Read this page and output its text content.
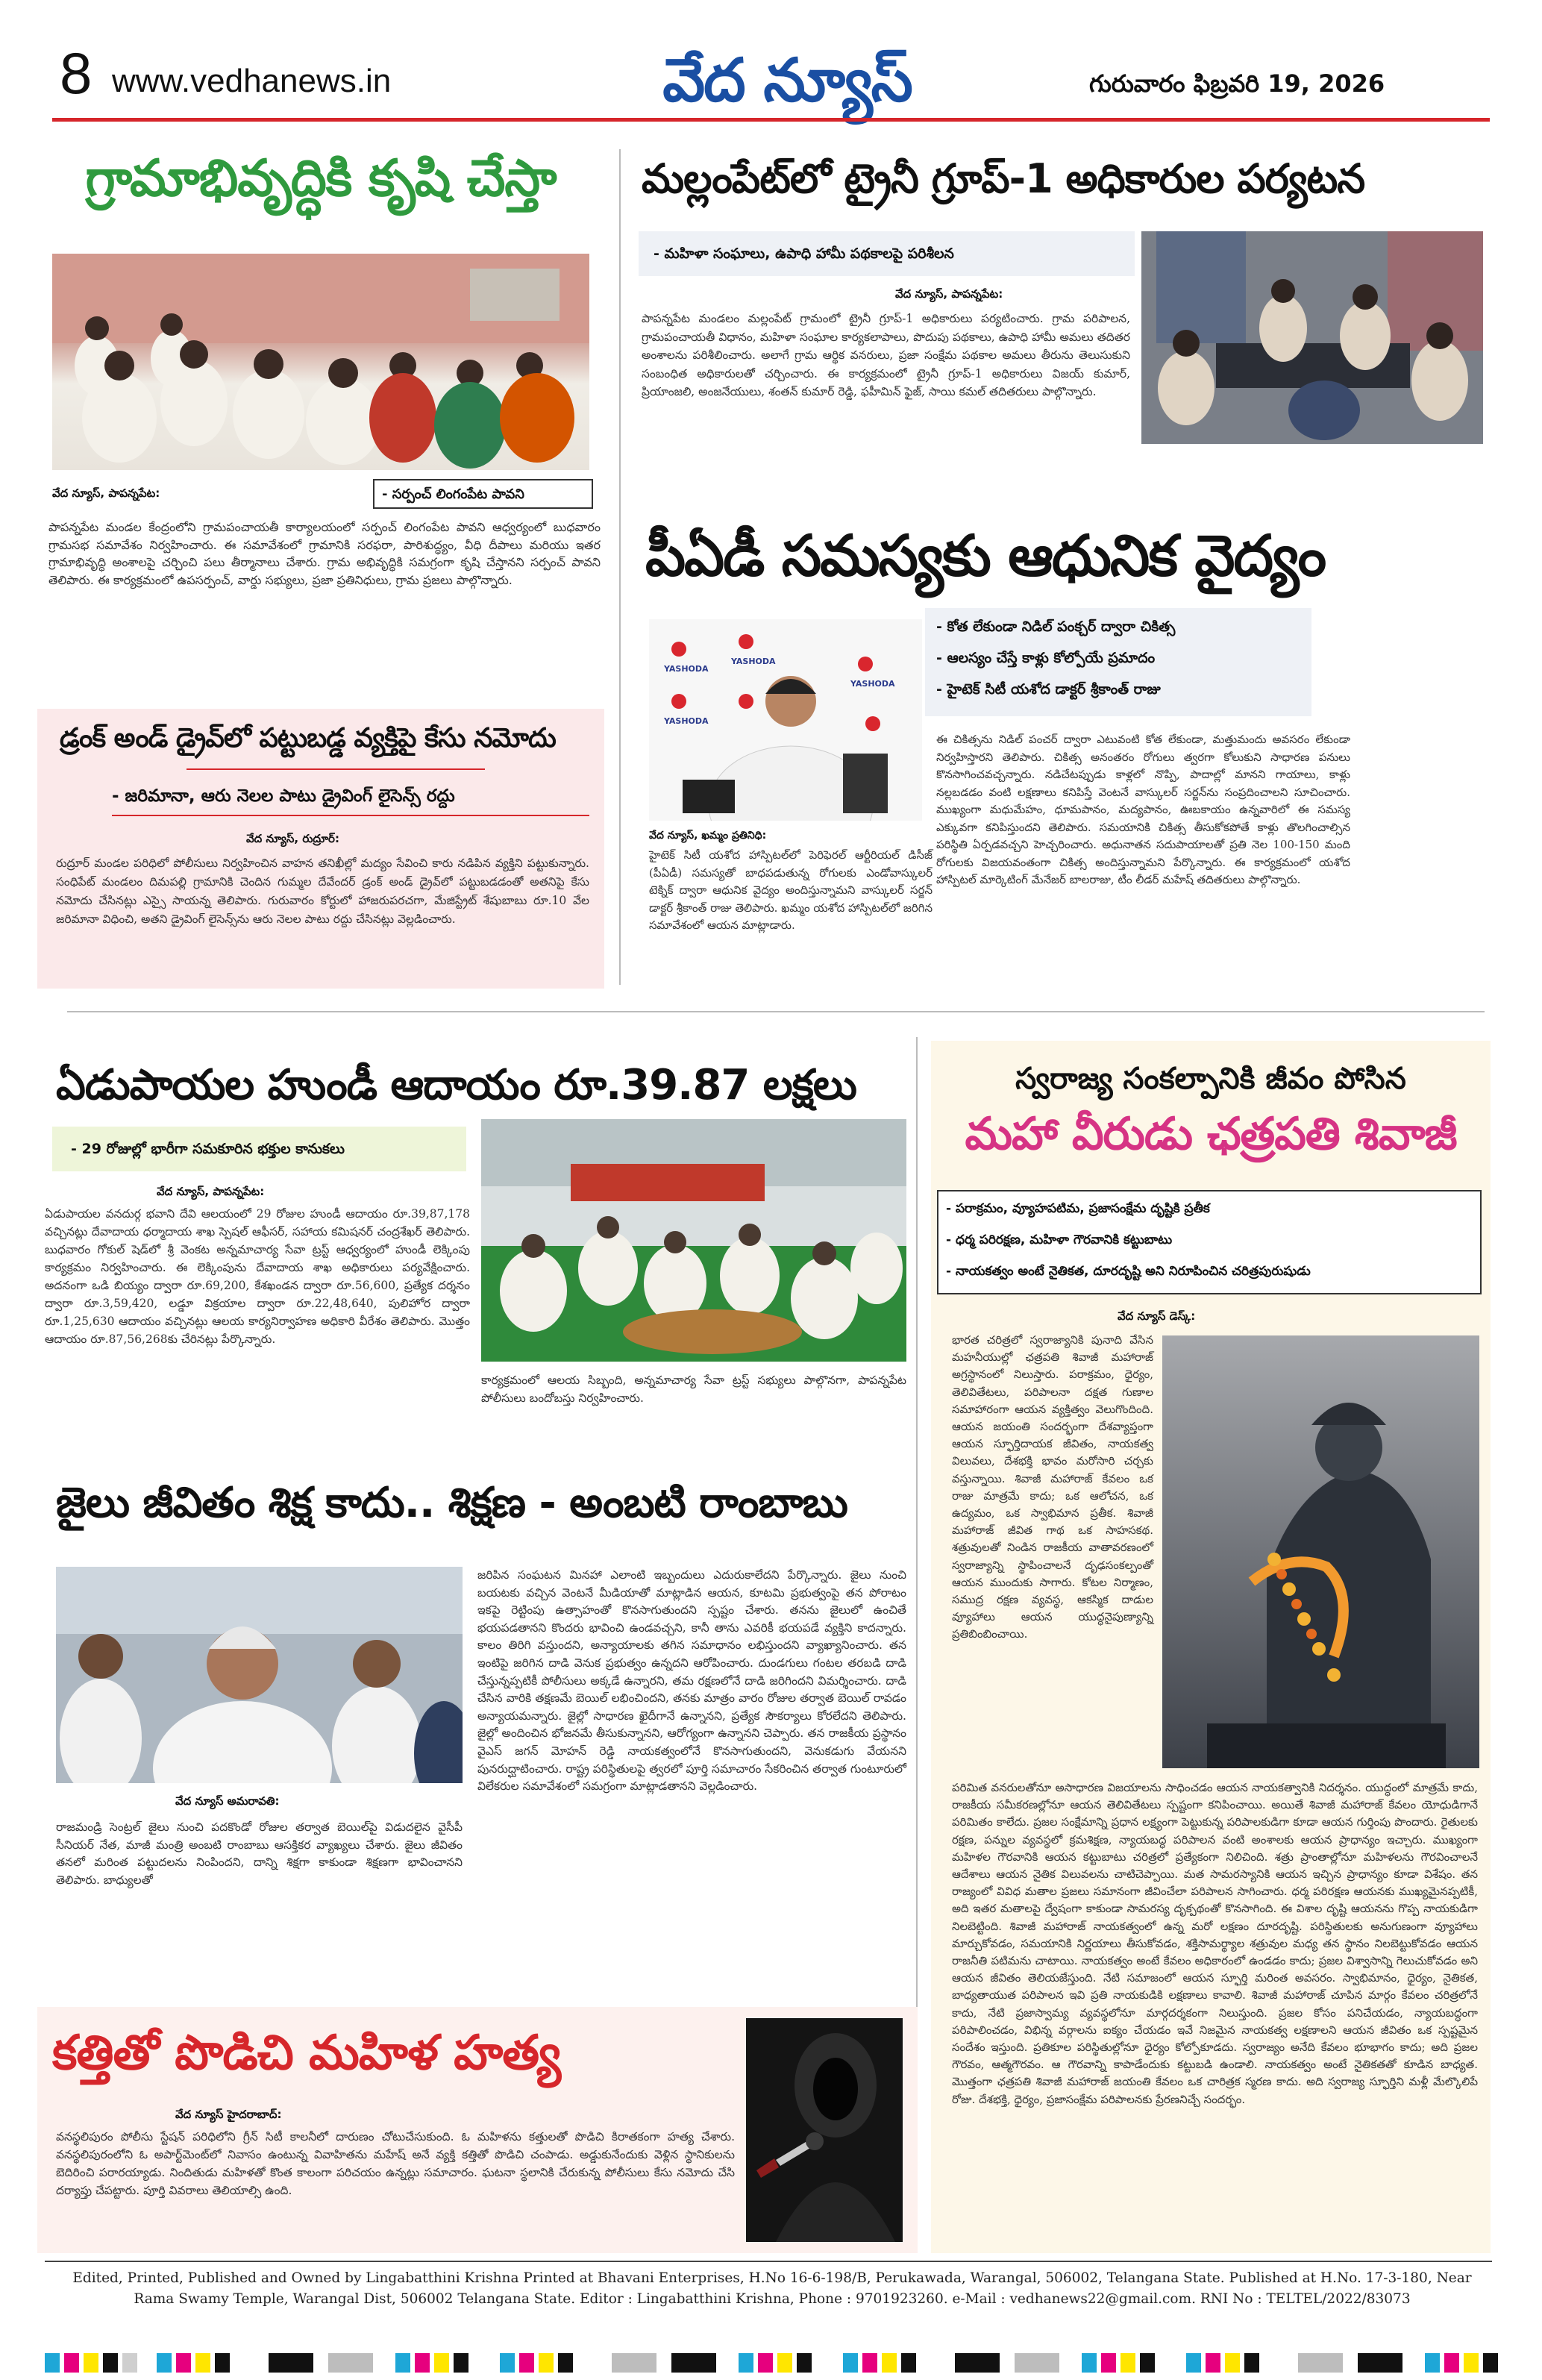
8 www.vedhanews.in	వేద న్యూస్	గురువారం ఫిబ్రవరి 19, 2026
గ్రామాభివృద్ధికి కృషి చేస్తా
వేద న్యూస్, పాపన్నపేట:	- సర్పంచ్ లింగంపేట పావని
పాపన్నపేట మండల కేంద్రంలోని గ్రామపంచాయతీ కార్యాలయంలో సర్పంచ్ లింగంపేట పావని ఆధ్వర్యంలో బుధవారం గ్రామసభ సమావేశం నిర్వహించారు. ఈ సమావేశంలో గ్రామానికి సరఫరా, పారిశుద్ధ్యం, వీధి దీపాలు మరియు ఇతర గ్రామాభివృద్ధి అంశాలపై చర్చించి పలు తీర్మానాలు చేశారు. గ్రామ అభివృద్ధికి సమగ్రంగా కృషి చేస్తానని సర్పంచ్ పావని తెలిపారు. ఈ కార్యక్రమంలో ఉపసర్పంచ్, వార్డు సభ్యులు, ప్రజా ప్రతినిధులు, గ్రామ ప్రజలు పాల్గొన్నారు.
మల్లంపేట్‌లో ట్రైనీ గ్రూప్-1 అధికారుల పర్యటన
- మహిళా సంఘాలు, ఉపాధి హామీ పథకాలపై పరిశీలన
వేద న్యూస్, పాపన్నపేట:
పాపన్నపేట మండలం మల్లంపేట్ గ్రామంలో ట్రైనీ గ్రూప్-1 అధికారులు పర్యటించారు. గ్రామ పరిపాలన, గ్రామపంచాయతీ విధానం, మహిళా సంఘాల కార్యకలాపాలు, పొదుపు పథకాలు, ఉపాధి హామీ అమలు తదితర అంశాలను పరిశీలించారు. అలాగే గ్రామ ఆర్థిక వనరులు, ప్రజా సంక్షేమ పథకాల అమలు తీరును తెలుసుకుని సంబంధిత అధికారులతో చర్చించారు. ఈ కార్యక్రమంలో ట్రైనీ గ్రూప్-1 అధికారులు విజయ్ కుమార్, ప్రియాంజలి, అంజనేయులు, శంతన్ కుమార్ రెడ్డి, ఫహీమిన్ ఫైజ్, సాయి కమల్ తదితరులు పాల్గొన్నారు.
పీఏడీ సమస్యకు ఆధునిక వైద్యం
YASHODA
YASHODA
YASHODA
YASHODA
వేద న్యూస్, ఖమ్మం ప్రతినిధి:
హైటెక్ సిటీ యశోద హాస్పిటల్‌లో పెరిఫెరల్ ఆర్టీరియల్ డిసీజ్ (పీఏడీ) సమస్యతో బాధపడుతున్న రోగులకు ఎండోవాస్కులర్ టెక్నిక్ ద్వారా ఆధునిక వైద్యం అందిస్తున్నామని వాస్కులర్ సర్జన్ డాక్టర్ శ్రీకాంత్ రాజు తెలిపారు. ఖమ్మం యశోద హాస్పిటల్‌లో జరిగిన సమావేశంలో ఆయన మాట్లాడారు.
- కోత లేకుండా నిడిల్ పంక్చర్ ద్వారా చికిత్స
- ఆలస్యం చేస్తే కాళ్లు కోల్పోయే ప్రమాదం
- హైటెక్ సిటీ యశోద డాక్టర్ శ్రీకాంత్ రాజు
ఈ చికిత్సను నిడిల్ పంచర్ ద్వారా ఎటువంటి కోత లేకుండా, మత్తుమందు అవసరం లేకుండా నిర్వహిస్తారని తెలిపారు. చికిత్స అనంతరం రోగులు త్వరగా కోలుకుని సాధారణ పనులు కొనసాగించవచ్చన్నారు. నడిచేటప్పుడు కాళ్లలో నొప్పి, పాదాల్లో మానని గాయాలు, కాళ్లు నల్లబడడం వంటి లక్షణాలు కనిపిస్తే వెంటనే వాస్కులర్ సర్జన్‌ను సంప్రదించాలని సూచించారు. ముఖ్యంగా మధుమేహం, ధూమపానం, మద్యపానం, ఊబకాయం ఉన్నవారిలో ఈ సమస్య ఎక్కువగా కనిపిస్తుందని తెలిపారు. సమయానికి చికిత్స తీసుకోకపోతే కాళ్లు తొలగించాల్సిన పరిస్థితి ఏర్పడవచ్చని హెచ్చరించారు. అధునాతన సదుపాయాలతో ప్రతి నెల 100-150 మంది రోగులకు విజయవంతంగా చికిత్స అందిస్తున్నామని పేర్కొన్నారు. ఈ కార్యక్రమంలో యశోద హాస్పిటల్ మార్కెటింగ్ మేనేజర్ బాలరాజు, టీం లీడర్ మహేష్ తదితరులు పాల్గొన్నారు.
డ్రంక్ అండ్ డ్రైవ్‌లో పట్టుబడ్డ వ్యక్తిపై కేసు నమోదు
- జరిమానా, ఆరు నెలల పాటు డ్రైవింగ్ లైసెన్స్ రద్దు
వేద న్యూస్, రుద్రూర్:
రుద్రూర్ మండల పరిధిలో పోలీసులు నిర్వహించిన వాహన తనిఖీల్లో మద్యం సేవించి కారు నడిపిన వ్యక్తిని పట్టుకున్నారు. సంధిపేట్ మండలం దిమపల్లి గ్రామానికి చెందిన గుమ్మల దేవేందర్ డ్రంక్ అండ్ డ్రైవ్‌లో పట్టుబడడంతో అతనిపై కేసు నమోదు చేసినట్లు ఎస్సై సాయన్న తెలిపారు. గురువారం కోర్టులో హాజరుపరచగా, మేజిస్ట్రేట్ శేషుబాబు రూ.10 వేల జరిమానా విధించి, అతని డ్రైవింగ్ లైసెన్స్‌ను ఆరు నెలల పాటు రద్దు చేసినట్లు వెల్లడించారు.
ఏడుపాయల హుండీ ఆదాయం రూ.39.87 లక్షలు
- 29 రోజుల్లో భారీగా సమకూరిన భక్తుల కానుకలు
వేద న్యూస్, పాపన్నపేట:
ఏడుపాయల వనదుర్గ భవాని దేవి ఆలయంలో 29 రోజుల హుండీ ఆదాయం రూ.39,87,178 వచ్చినట్లు దేవాదాయ ధర్మాదాయ శాఖ స్పెషల్ ఆఫీసర్, సహాయ కమిషనర్ చంద్రశేఖర్ తెలిపారు. బుధవారం గోకుల్ షెడ్‌లో శ్రీ వెంకట అన్నమాచార్య సేవా ట్రస్ట్ ఆధ్వర్యంలో హుండీ లెక్కింపు కార్యక్రమం నిర్వహించారు. ఈ లెక్కింపును దేవాదాయ శాఖ అధికారులు పర్యవేక్షించారు. అదనంగా ఒడి బియ్యం ద్వారా రూ.69,200, కేశఖండన ద్వారా రూ.56,600, ప్రత్యేక దర్శనం ద్వారా రూ.3,59,420, లడ్డూ విక్రయాల ద్వారా రూ.22,48,640, పులిహోర ద్వారా రూ.1,25,630 ఆదాయం వచ్చినట్లు ఆలయ కార్యనిర్వాహణ అధికారి వీరేశం తెలిపారు. మొత్తం ఆదాయం రూ.87,56,268కు చేరినట్లు పేర్కొన్నారు.
కార్యక్రమంలో ఆలయ సిబ్బంది, అన్నమాచార్య సేవా ట్రస్ట్ సభ్యులు పాల్గొనగా, పాపన్నపేట పోలీసులు బందోబస్తు నిర్వహించారు.
జైలు జీవితం శిక్ష కాదు.. శిక్షణ - అంబటి రాంబాబు
వేద న్యూస్ అమరావతి:
జరిపిన సంఘటన మినహా ఎలాంటి ఇబ్బందులు ఎదురుకాలేదని పేర్కొన్నారు. జైలు నుంచి బయటకు వచ్చిన వెంటనే మీడియాతో మాట్లాడిన ఆయన, కూటమి ప్రభుత్వంపై తన పోరాటం ఇకపై రెట్టింపు ఉత్సాహంతో కొనసాగుతుందని స్పష్టం చేశారు. తనను జైలులో ఉంచితే భయపడతానని కొందరు భావించి ఉండవచ్చని, కానీ తాను ఎవరికీ భయపడే వ్యక్తిని కాదన్నారు. కాలం తిరిగి వస్తుందని, అన్యాయాలకు తగిన సమాధానం లభిస్తుందని వ్యాఖ్యానించారు. తన ఇంటిపై జరిగిన దాడి వెనుక ప్రభుత్వం ఉన్నదని ఆరోపించారు. దుండగులు గంటల తరబడి దాడి చేస్తున్నప్పటికీ పోలీసులు అక్కడే ఉన్నారని, తమ రక్షణలోనే దాడి జరిగిందని విమర్శించారు. దాడి చేసిన వారికి తక్షణమే బెయిల్ లభించిందని, తనకు మాత్రం వారం రోజుల తర్వాత బెయిల్ రావడం అన్యాయమన్నారు. జైల్లో సాధారణ ఖైదీగానే ఉన్నానని, ప్రత్యేక సౌకర్యాలు కోరలేదని తెలిపారు. జైల్లో అందించిన భోజనమే తీసుకున్నానని, ఆరోగ్యంగా ఉన్నానని చెప్పారు. తన రాజకీయ ప్రస్థానం వైఎస్ జగన్ మోహన్ రెడ్డి నాయకత్వంలోనే కొనసాగుతుందని, వెనుకడుగు వేయనని పునరుద్ఘాటించారు. రాష్ట్ర పరిస్థితులపై త్వరలో పూర్తి సమాచారం సేకరించిన తర్వాత గుంటూరులో విలేకరుల సమావేశంలో సమగ్రంగా మాట్లాడతానని వెల్లడించారు.
రాజమండ్రి సెంట్రల్ జైలు నుంచి పదకొండో రోజుల తర్వాత బెయిల్‌పై విడుదలైన వైసీపీ సీనియర్ నేత, మాజీ మంత్రి అంబటి రాంబాబు ఆసక్తికర వ్యాఖ్యలు చేశారు. జైలు జీవితం తనలో మరింత పట్టుదలను నింపిందని, దాన్ని శిక్షగా కాకుండా శిక్షణగా భావించానని తెలిపారు. బాధ్యులతో
కత్తితో పొడిచి మహిళ హత్య
వేద న్యూస్ హైదరాబాద్:
వనస్థలిపురం పోలీసు స్టేషన్ పరిధిలోని గ్రీన్ సిటీ కాలనీలో దారుణం చోటుచేసుకుంది. ఓ మహిళను కత్తులతో పొడిచి కిరాతకంగా హత్య చేశారు. వనస్థలిపురంలోని ఓ అపార్ట్‌మెంట్‌లో నివాసం ఉంటున్న వివాహితను మహేష్ అనే వ్యక్తి కత్తితో పొడిచి చంపాడు. అడ్డుకునేందుకు వెళ్లిన స్థానికులను బెదిరించి పరారయ్యాడు. నిందితుడు మహిళతో కొంత కాలంగా పరిచయం ఉన్నట్లు సమాచారం. ఘటనా స్థలానికి చేరుకున్న పోలీసులు కేసు నమోదు చేసి దర్యాప్తు చేపట్టారు. పూర్తి వివరాలు తెలియాల్సి ఉంది.
స్వరాజ్య సంకల్పానికి జీవం పోసిన
మహా వీరుడు ఛత్రపతి శివాజీ
- పరాక్రమం, వ్యూహపటిమ, ప్రజాసంక్షేమ దృష్టికి ప్రతీక
- ధర్మ పరిరక్షణ, మహిళా గౌరవానికి కట్టుబాటు
- నాయకత్వం అంటే నైతికత, దూరదృష్టి అని నిరూపించిన చరిత్రపురుషుడు
వేద న్యూస్ డెస్క్:
భారత చరిత్రలో స్వరాజ్యానికి పునాది వేసిన మహనీయుల్లో ఛత్రపతి శివాజీ మహారాజ్ అగ్రస్థానంలో నిలుస్తారు. పరాక్రమం, ధైర్యం, తెలివితేటలు, పరిపాలనా దక్షత గుణాల సమాహారంగా ఆయన వ్యక్తిత్వం వెలుగొందింది. ఆయన జయంతి సందర్భంగా దేశవ్యాప్తంగా ఆయన స్ఫూర్తిదాయక జీవితం, నాయకత్వ విలువలు, దేశభక్తి భావం మరోసారి చర్చకు వస్తున్నాయి. శివాజీ మహారాజ్ కేవలం ఒక రాజు మాత్రమే కాదు; ఒక ఆలోచన, ఒక ఉద్యమం, ఒక స్వాభిమాన ప్రతీక. శివాజీ మహారాజ్ జీవిత గాథ ఒక సాహసకథ. శత్రువులతో నిండిన రాజకీయ వాతావరణంలో స్వరాజ్యాన్ని స్థాపించాలనే దృఢసంకల్పంతో ఆయన ముందుకు సాగారు. కోటల నిర్మాణం, సముద్ర రక్షణ వ్యవస్థ, ఆకస్మిక దాడుల వ్యూహాలు ఆయన యుద్ధనైపుణ్యాన్ని ప్రతిబింబించాయి.
పరిమిత వనరులతోనూ అసాధారణ విజయాలను సాధించడం ఆయన నాయకత్వానికి నిదర్శనం. యుద్ధంలో మాత్రమే కాదు, రాజకీయ సమీకరణల్లోనూ ఆయన తెలివితేటలు స్పష్టంగా కనిపించాయి. అయితే శివాజీ మహారాజ్ కేవలం యోధుడిగానే పరిమితం కాలేదు. ప్రజల సంక్షేమాన్ని ప్రధాన లక్ష్యంగా పెట్టుకున్న పరిపాలకుడిగా కూడా ఆయన గుర్తింపు పొందారు. రైతులకు రక్షణ, పన్నుల వ్యవస్థలో క్రమశిక్షణ, న్యాయబద్ధ పరిపాలన వంటి అంశాలకు ఆయన ప్రాధాన్యం ఇచ్చారు. ముఖ్యంగా మహిళల గౌరవానికి ఆయన కట్టుబాటు చరిత్రలో ప్రత్యేకంగా నిలిచింది. శత్రు ప్రాంతాల్లోనూ మహిళలను గౌరవించాలనే ఆదేశాలు ఆయన నైతిక విలువలను చాటిచెప్పాయి. మత సామరస్యానికి ఆయన ఇచ్చిన ప్రాధాన్యం కూడా విశేషం. తన రాజ్యంలో వివిధ మతాల ప్రజలు సమానంగా జీవించేలా పరిపాలన సాగించారు. ధర్మ పరిరక్షణ ఆయనకు ముఖ్యమైనప్పటికీ, అది ఇతర మతాలపై ద్వేషంగా కాకుండా సామరస్య దృక్పథంతో కొనసాగింది. ఈ విశాల దృష్టి ఆయనను గొప్ప నాయకుడిగా నిలబెట్టింది. శివాజీ మహారాజ్ నాయకత్వంలో ఉన్న మరో లక్షణం దూరదృష్టి. పరిస్థితులకు అనుగుణంగా వ్యూహాలు మార్చుకోవడం, సమయానికి నిర్ణయాలు తీసుకోవడం, శక్తిసామర్థ్యాల శత్రువుల మధ్య తన స్థానం నిలబెట్టుకోవడం ఆయన రాజనీతి పటిమను చాటాయి. నాయకత్వం అంటే కేవలం అధికారంలో ఉండడం కాదు; ప్రజల విశ్వాసాన్ని గెలుచుకోవడం అని ఆయన జీవితం తెలియజేస్తుంది. నేటి సమాజంలో ఆయన స్ఫూర్తి మరింత అవసరం. స్వాభిమానం, ధైర్యం, నైతికత, బాధ్యతాయుత పరిపాలన ఇవి ప్రతి నాయకుడికి లక్షణాలు కావాలి. శివాజీ మహారాజ్ చూపిన మార్గం కేవలం చరిత్రలోనే కాదు, నేటి ప్రజాస్వామ్య వ్యవస్థలోనూ మార్గదర్శకంగా నిలుస్తుంది. ప్రజల కోసం పనిచేయడం, న్యాయబద్ధంగా పరిపాలించడం, విభిన్న వర్గాలను ఐక్యం చేయడం ఇవే నిజమైన నాయకత్వ లక్షణాలని ఆయన జీవితం ఒక స్పష్టమైన సందేశం ఇస్తుంది. ప్రతికూల పరిస్థితుల్లోనూ ధైర్యం కోల్పోకూడదు. స్వరాజ్యం అనేది కేవలం భూభాగం కాదు; అది ప్రజల గౌరవం, ఆత్మగౌరవం. ఆ గౌరవాన్ని కాపాడేందుకు కట్టుబడి ఉండాలి. నాయకత్వం అంటే నైతికతతో కూడిన బాధ్యత. మొత్తంగా ఛత్రపతి శివాజీ మహారాజ్ జయంతి కేవలం ఒక చారిత్రక స్మరణ కాదు. అది స్వరాజ్య స్ఫూర్తిని మళ్లీ మేల్కొలిపే రోజు. దేశభక్తి, ధైర్యం, ప్రజాసంక్షేమ పరిపాలనకు ప్రేరణనిచ్చే సందర్భం.
Edited, Printed, Published and Owned by Lingabatthini Krishna Printed at Bhavani Enterprises, H.No 16-6-198/B, Perukawada, Warangal, 506002, Telangana State. Published at H.No. 17-3-180, Near Rama Swamy Temple, Warangal Dist, 506002 Telangana State. Editor : Lingabatthini Krishna, Phone : 9701923260. e-Mail : vedhanews22@gmail.com. RNI No : TELTEL/2022/83073
